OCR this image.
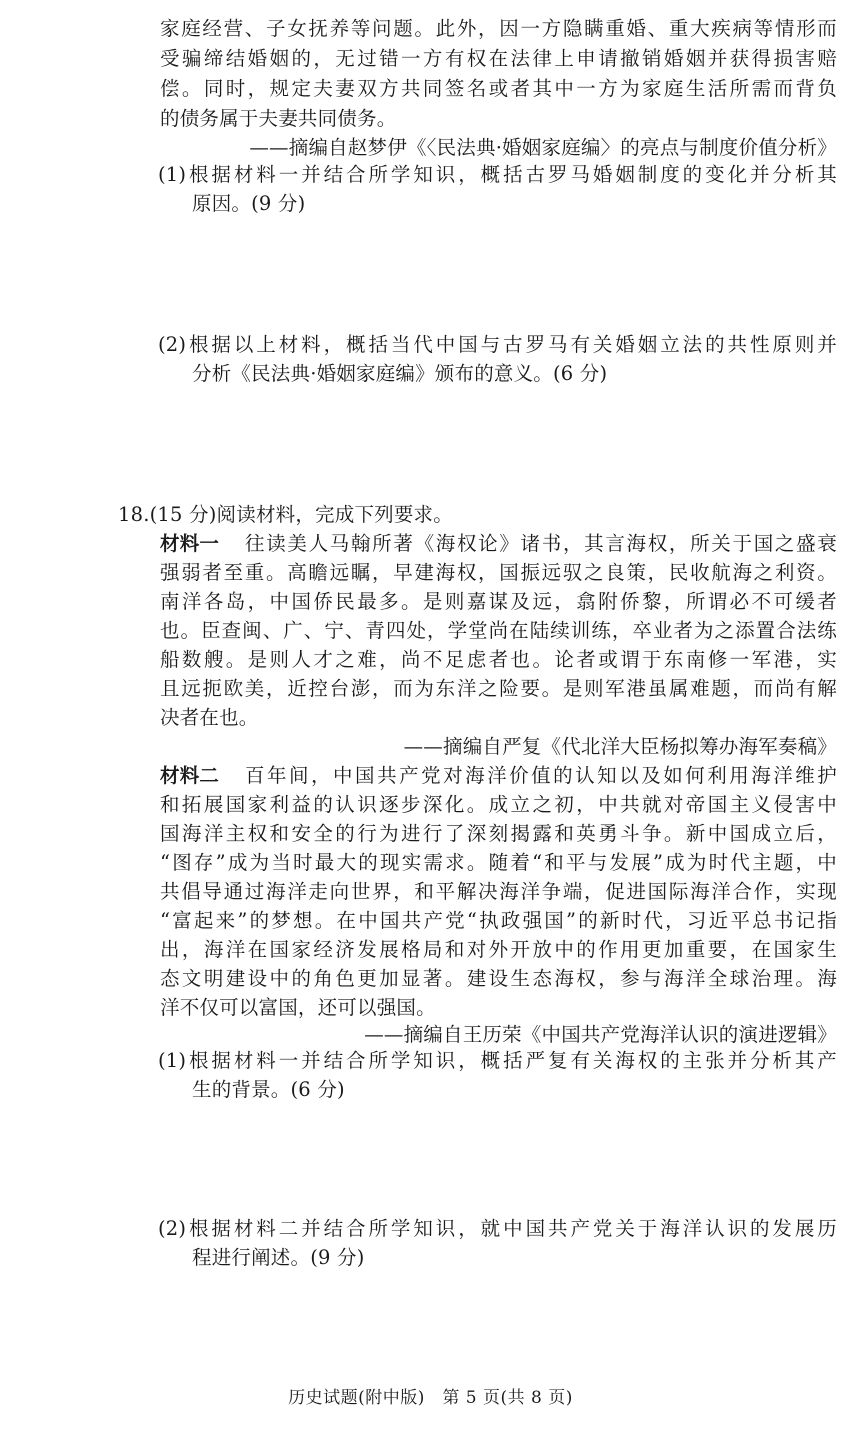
家庭经营、子女抚养等问题。此外，因一方隐瞒重婚、重大疾病等情形而
受骗缔结婚姻的，无过错一方有权在法律上申请撤销婚姻并获得损害赔
偿。同时，规定夫妻双方共同签名或者其中一方为家庭生活所需而背负
的债务属于夫妻共同债务。
——摘编自赵梦伊《〈民法典·婚姻家庭编〉的亮点与制度价值分析》
(1)根据材料一并结合所学知识，概括古罗马婚姻制度的变化并分析其
原因。(9 分)
(2)根据以上材料，概括当代中国与古罗马有关婚姻立法的共性原则并
分析《民法典·婚姻家庭编》颁布的意义。(6 分)
18.(15 分)阅读材料，完成下列要求。
材料一 往读美人马翰所著《海权论》诸书，其言海权，所关于国之盛衰
强弱者至重。高瞻远瞩，早建海权，国振远驭之良策，民收航海之利资。
南洋各岛，中国侨民最多。是则嘉谋及远，翕附侨黎，所谓必不可缓者
也。臣查闽、广、宁、青四处，学堂尚在陆续训练，卒业者为之添置合法练
船数艘。是则人才之难，尚不足虑者也。论者或谓于东南修一军港，实
且远扼欧美，近控台澎，而为东洋之险要。是则军港虽属难题，而尚有解
决者在也。
——摘编自严复《代北洋大臣杨拟筹办海军奏稿》
材料二 百年间，中国共产党对海洋价值的认知以及如何利用海洋维护
和拓展国家利益的认识逐步深化。成立之初，中共就对帝国主义侵害中
国海洋主权和安全的行为进行了深刻揭露和英勇斗争。新中国成立后，
“图存”成为当时最大的现实需求。随着“和平与发展”成为时代主题，中
共倡导通过海洋走向世界，和平解决海洋争端，促进国际海洋合作，实现
“富起来”的梦想。在中国共产党“执政强国”的新时代，习近平总书记指
出，海洋在国家经济发展格局和对外开放中的作用更加重要，在国家生
态文明建设中的角色更加显著。建设生态海权，参与海洋全球治理。海
洋不仅可以富国，还可以强国。
——摘编自王历荣《中国共产党海洋认识的演进逻辑》
(1)根据材料一并结合所学知识，概括严复有关海权的主张并分析其产
生的背景。(6 分)
(2)根据材料二并结合所学知识，就中国共产党关于海洋认识的发展历
程进行阐述。(9 分)
历史试题(附中版)　第 5 页(共 8 页)
